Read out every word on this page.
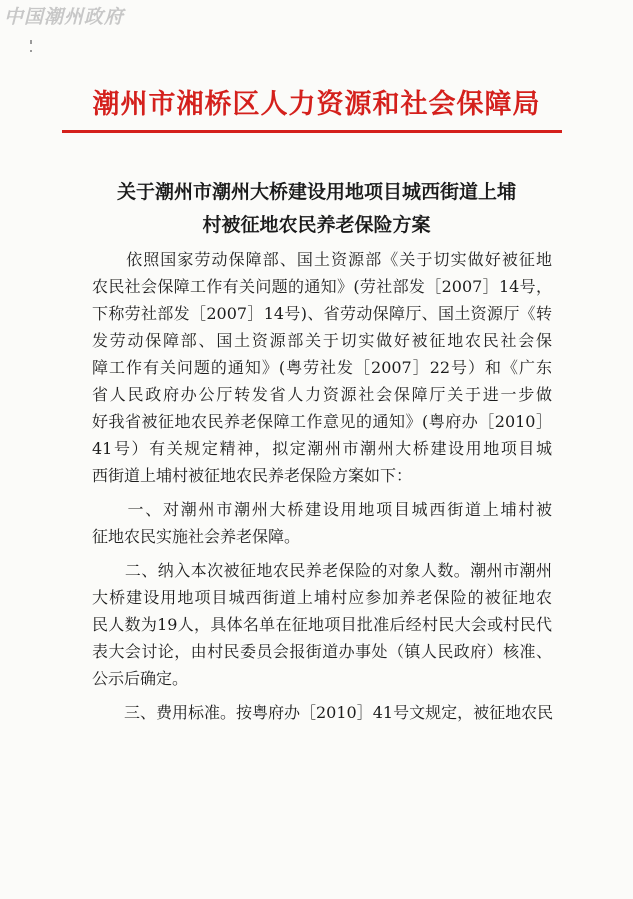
中国潮州政府
潮州市湘桥区人力资源和社会保障局
关于潮州市潮州大桥建设用地项目城西街道上埔
村被征地农民养老保险方案
　　依照国家劳动保障部、国土资源部《关于切实做好被征地
农民社会保障工作有关问题的通知》(劳社部发［2007］14号，
下称劳社部发［2007］14号)、省劳动保障厅、国土资源厅《转
发劳动保障部、国土资源部关于切实做好被征地农民社会保
障工作有关问题的通知》(粤劳社发［2007］22号）和《广东
省人民政府办公厅转发省人力资源社会保障厅关于进一步做
好我省被征地农民养老保障工作意见的通知》(粤府办［2010］
41号）有关规定精神，拟定潮州市潮州大桥建设用地项目城
西街道上埔村被征地农民养老保险方案如下：
　　一、对潮州市潮州大桥建设用地项目城西街道上埔村被
征地农民实施社会养老保障。
　　二、纳入本次被征地农民养老保险的对象人数。潮州市潮州
大桥建设用地项目城西街道上埔村应参加养老保险的被征地农
民人数为19人，具体名单在征地项目批准后经村民大会或村民代
表大会讨论，由村民委员会报街道办事处（镇人民政府）核准、
公示后确定。
　　三、费用标准。按粤府办［2010］41号文规定，被征地农民
